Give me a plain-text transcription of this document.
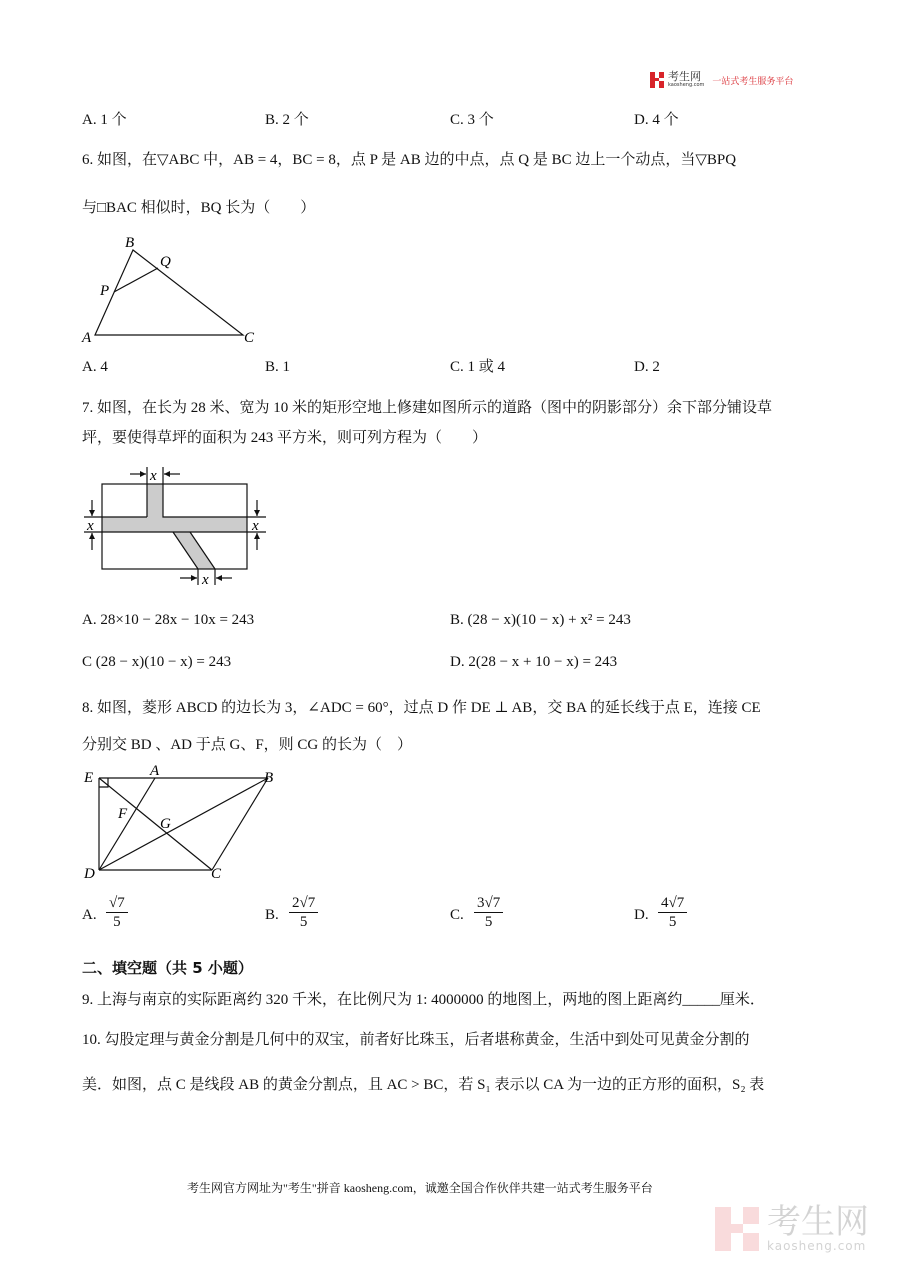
考生网
kaosheng.com 一站式考生服务平台
A. 1 个	B. 2 个	C. 3 个	D. 4 个
6. 如图，在▽ABC 中，AB = 4，BC = 8，点 P 是 AB 边的中点，点 Q 是 BC 边上一个动点，当▽BPQ
与□BAC 相似时，BQ 长为（　　）
B
Q
P
A	C
A. 4	B. 1	C. 1 或 4	D. 2
7. 如图，在长为 28 米、宽为 10 米的矩形空地上修建如图所示的道路（图中的阴影部分）余下部分铺设草
坪，要使得草坪的面积为 243 平方米，则可列方程为（　　）
x
x	x
x
A. 28×10 − 28x − 10x = 243	B. (28 − x)(10 − x) + x² = 243
C (28 − x)(10 − x) = 243	D. 2(28 − x + 10 − x) = 243
8. 如图，菱形 ABCD 的边长为 3，∠ADC = 60°，过点 D 作 DE ⊥ AB，交 BA 的延长线于点 E，连接 CE
分别交 BD 、AD 于点 G、F，则 CG 的长为（　）
E	A	B
F
G
D	C
A. $\frac{√7}{5}$	B. $\frac{2√7}{5}$	C. $\frac{3√7}{5}$	D. $\frac{4√7}{5}$
二、填空题（共 5 小题）
9. 上海与南京的实际距离约 320 千米，在比例尺为 1: 4000000 的地图上，两地的图上距离约_____厘米．
10. 勾股定理与黄金分割是几何中的双宝，前者好比珠玉，后者堪称黄金，生活中到处可见黄金分割的
美．如图，点 C 是线段 AB 的黄金分割点，且 AC > BC，若 S₁ 表示以 CA 为一边的正方形的面积，S₂ 表
考生网官方网址为"考生"拼音 kaosheng.com，诚邀全国合作伙伴共建一站式考生服务平台
考生网
kaosheng.com
